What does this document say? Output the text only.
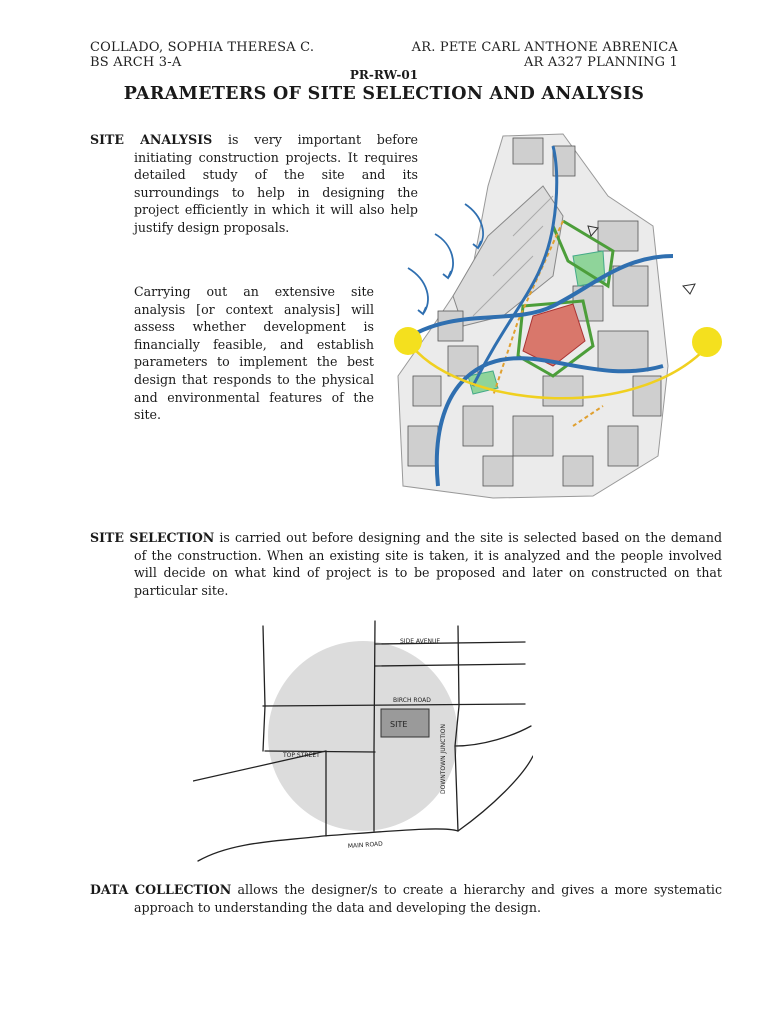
COLLADO, SOPHIA THERESA C.
BS ARCH 3-A
AR. PETE CARL ANTHONE ABRENICA
AR A327 PLANNING 1
PR-RW-01
PARAMETERS OF SITE SELECTION AND ANALYSIS
SITE ANALYSIS is very important before initiating construction projects. It requires detailed study of the site and its surroundings to help in designing the project efficiently in which it will also help justify design proposals.
Carrying out an extensive site analysis [or context analysis] will assess whether development is financially feasible, and establish parameters to implement the best design that responds to the physical and environmental features of the site.
SITE SELECTION is carried out before designing and the site is selected based on the demand of the construction. When an existing site is taken, it is analyzed and the people involved will decide on what kind of project is to be proposed and later on constructed on that particular site.
SITE
SIDE AVENUE
BIRCH ROAD
TOP STREET
MAIN ROAD
DOWNTOWN JUNCTION
DATA COLLECTION allows the designer/s to create a hierarchy and gives a more systematic approach to understanding the data and developing the design.
